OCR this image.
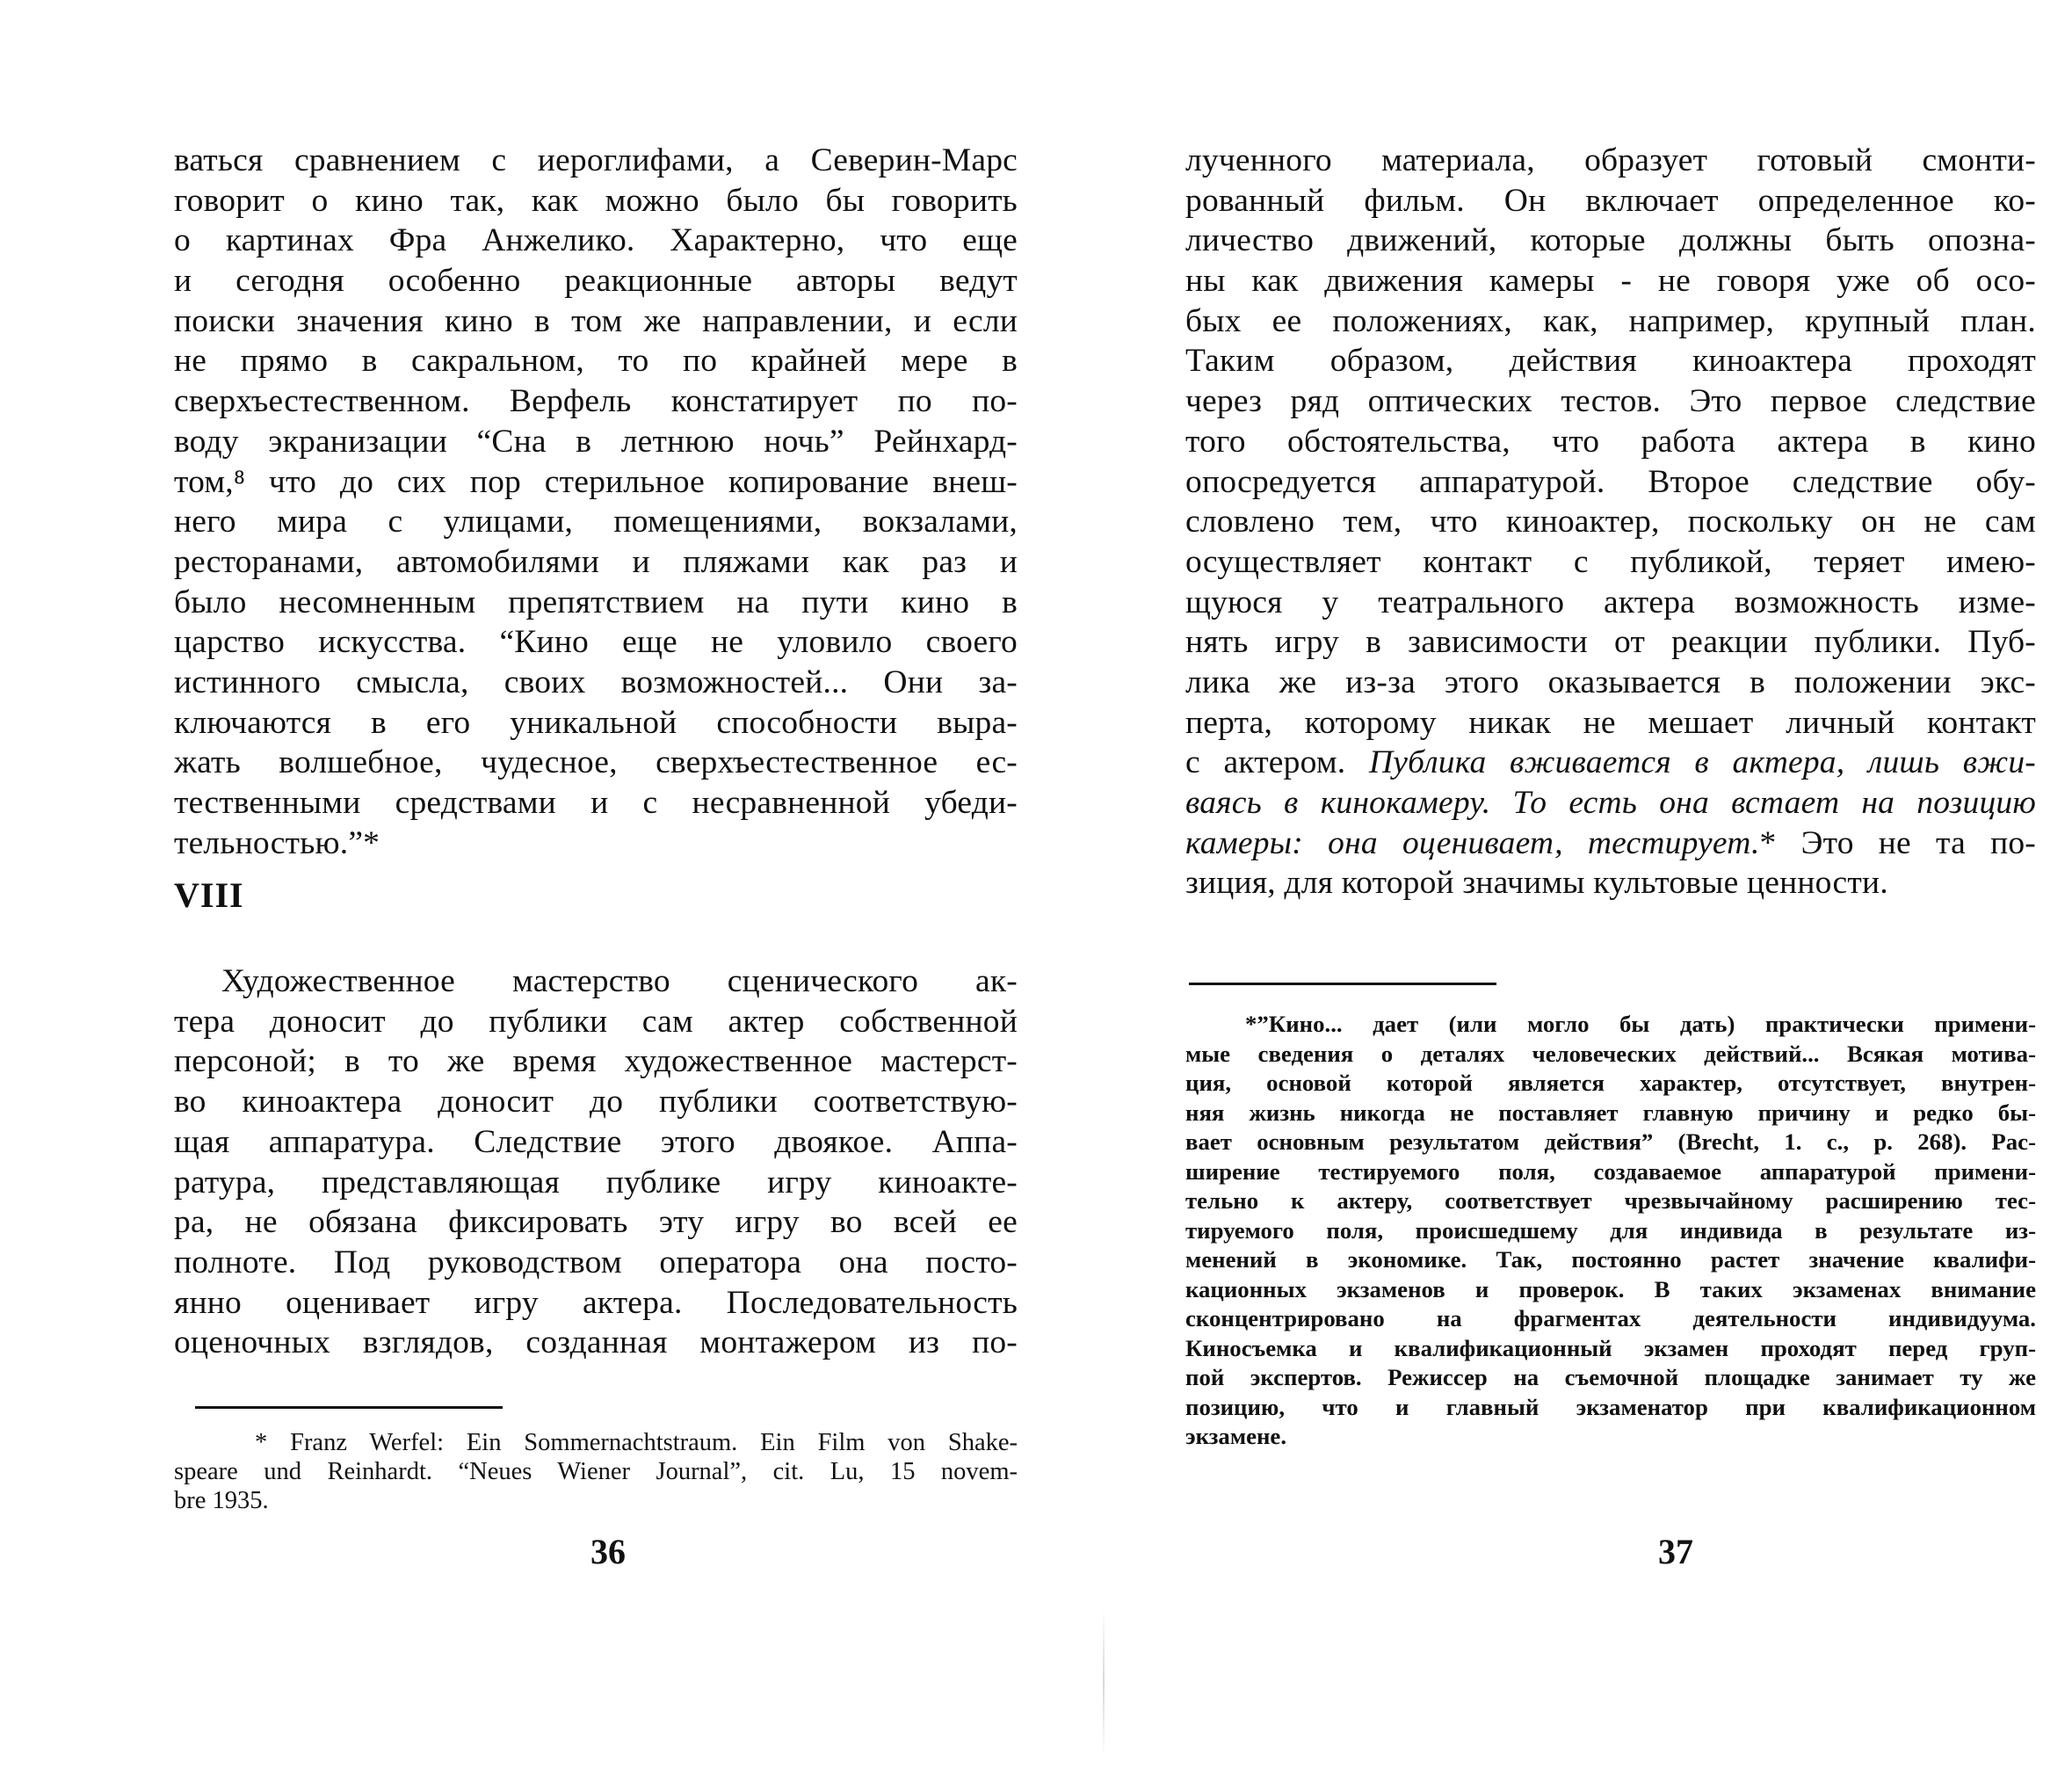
ваться сравнением с иероглифами, а Северин-Марс
говорит о кино так, как можно было бы говорить
о картинах Фра Анжелико. Характерно, что еще
и сегодня особенно реакционные авторы ведут
поиски значения кино в том же направлении, и если
не прямо в сакральном, то по крайней мере в
сверхъестественном. Верфель констатирует по по-
воду экранизации “Сна в летнюю ночь” Рейнхард-
том,⁸ что до сих пор стерильное копирование внеш-
него мира с улицами, помещениями, вокзалами,
ресторанами, автомобилями и пляжами как раз и
было несомненным препятствием на пути кино в
царство искусства. “Кино еще не уловило своего
истинного смысла, своих возможностей... Они за-
ключаются в его уникальной способности выра-
жать волшебное, чудесное, сверхъестественное ес-
тественными средствами и с несравненной убеди-
тельностью.”*
VIII
Художественное мастерство сценического ак-
тера доносит до публики сам актер собственной
персоной; в то же время художественное мастерст-
во киноактера доносит до публики соответствую-
щая аппаратура. Следствие этого двоякое. Аппа-
ратура, представляющая публике игру киноакте-
ра, не обязана фиксировать эту игру во всей ее
полноте. Под руководством оператора она посто-
янно оценивает игру актера. Последовательность
оценочных взглядов, созданная монтажером из по-
* Franz Werfel: Ein Sommernachtstraum. Ein Film von Shake-
speare und Reinhardt. “Neues Wiener Journal”, cit. Lu, 15 novem-
bre 1935.
36
лученного материала, образует готовый смонти-
рованный фильм. Он включает определенное ко-
личество движений, которые должны быть опозна-
ны как движения камеры - не говоря уже об осо-
бых ее положениях, как, например, крупный план.
Таким образом, действия киноактера проходят
через ряд оптических тестов. Это первое следствие
того обстоятельства, что работа актера в кино
опосредуется аппаратурой. Второе следствие обу-
словлено тем, что киноактер, поскольку он не сам
осуществляет контакт с публикой, теряет имею-
щуюся у театрального актера возможность изме-
нять игру в зависимости от реакции публики. Пуб-
лика же из-за этого оказывается в положении экс-
перта, которому никак не мешает личный контакт
с актером. Публика вживается в актера, лишь вжи-
ваясь в кинокамеру. То есть она встает на позицию
камеры: она оценивает, тестирует.* Это не та по-
зиция, для которой значимы культовые ценности.
*”Кино... дает (или могло бы дать) практически примени-
мые сведения о деталях человеческих действий... Всякая мотива-
ция, основой которой является характер, отсутствует, внутрен-
няя жизнь никогда не поставляет главную причину и редко бы-
вает основным результатом действия” (Brecht, 1. c., p. 268). Рас-
ширение тестируемого поля, создаваемое аппаратурой примени-
тельно к актеру, соответствует чрезвычайному расширению тес-
тируемого поля, происшедшему для индивида в результате из-
менений в экономике. Так, постоянно растет значение квалифи-
кационных экзаменов и проверок. В таких экзаменах внимание
сконцентрировано на фрагментах деятельности индивидуума.
Киносъемка и квалификационный экзамен проходят перед груп-
пой экспертов. Режиссер на съемочной площадке занимает ту же
позицию, что и главный экзаменатор при квалификационном
экзамене.
37
